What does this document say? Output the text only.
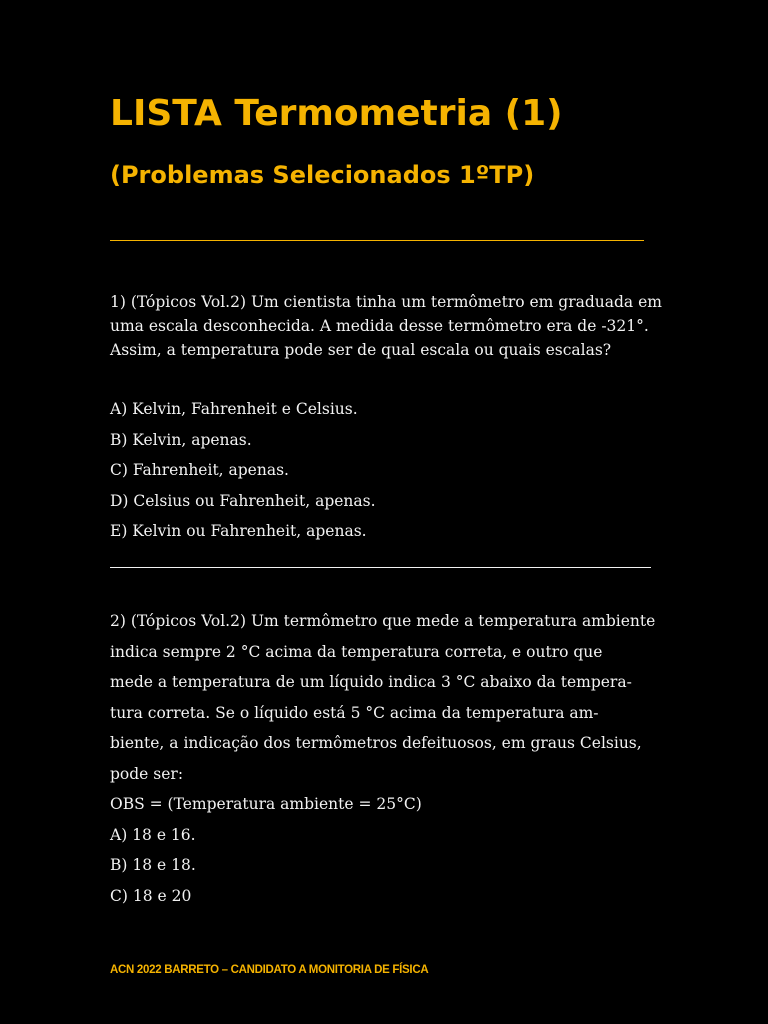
LISTA Termometria (1)
(Problemas Selecionados 1ºTP)

1) (Tópicos Vol.2) Um cientista tinha um termômetro em graduada em uma escala desconhecida. A medida desse termômetro era de -321°. Assim, a temperatura pode ser de qual escala ou quais escalas?

A) Kelvin, Fahrenheit e Celsius.

B) Kelvin, apenas.

C) Fahrenheit, apenas.

D) Celsius ou Fahrenheit, apenas.

E) Kelvin ou Fahrenheit, apenas.

2) (Tópicos Vol.2) Um termômetro que mede a temperatura ambiente
indica sempre 2 °C acima da temperatura correta, e outro que
mede a temperatura de um líquido indica 3 °C abaixo da tempera-
tura correta. Se o líquido está 5 °C acima da temperatura am-
biente, a indicação dos termômetros defeituosos, em graus Celsius,
pode ser:
OBS = (Temperatura ambiente = 25°C)
A) 18 e 16.
B) 18 e 18.
C) 18 e 20

ACN 2022 BARRETO – CANDIDATO A MONITORIA DE FÍSICA
